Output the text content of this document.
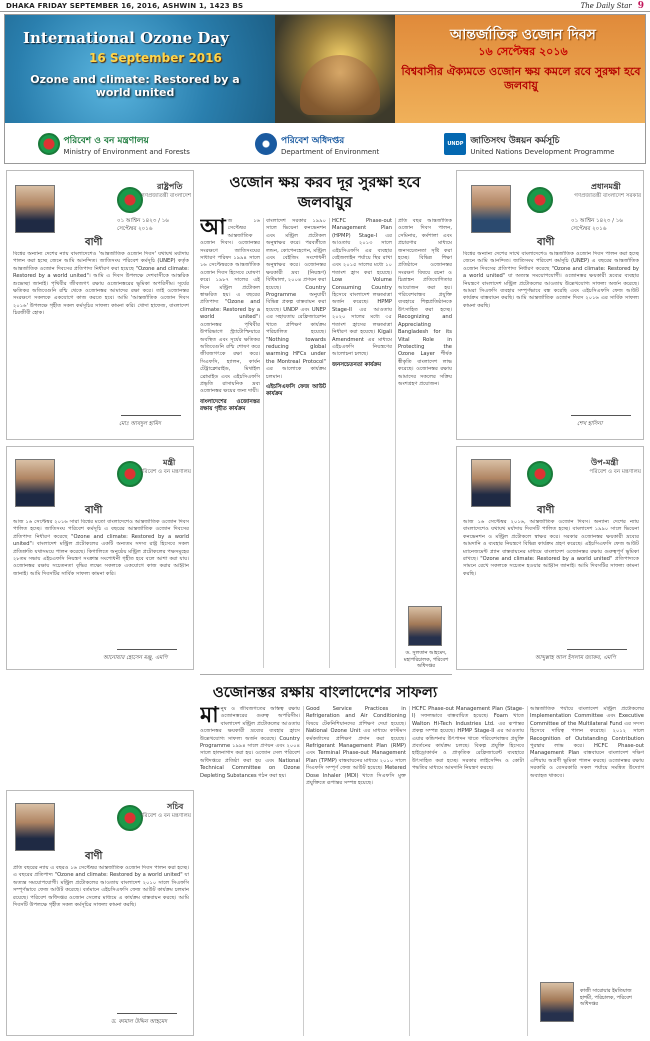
DHAKA FRIDAY SEPTEMBER 16, 2016, ASHWIN 1, 1423 BS	The Daily Star 9
International Ozone Day
16 September 2016
Ozone and climate: Restored by a world united
আন্তর্জাতিক ওজোন দিবস
১৬ সেপ্টেম্বর ২০১৬
বিশ্ববাসীর ঐক্যমতে ওজোন ক্ষয় কমলে রবে সুরক্ষা হবে জলবায়ু
পরিবেশ ও বন মন্ত্রণালয়
Ministry of Environment and Forests
পরিবেশ অধিদপ্তর
Department of Environment
UNDP জাতিসংঘ উন্নয়ন কর্মসূচি
United Nations Development Programme
রাষ্ট্রপতি
গণপ্রজাতন্ত্রী বাংলাদেশ
০১ আশ্বিন ১৪২৩ / ১৬ সেপ্টেম্বর ২০১৬
বাণী
বিশ্বের অন্যান্য দেশের ন্যায় বাংলাদেশেও 'আন্তর্জাতিক ওজোন দিবস' যথাযথ মর্যাদায় পালন করা হচ্ছে জেনে আমি আনন্দিত। জাতিসংঘ পরিবেশ কর্মসূচি (UNEP) কর্তৃক আন্তর্জাতিক ওজোন দিবসের প্রতিপাদ্য নির্ধারণ করা হয়েছে "Ozone and climate: Restored by a world united"। আমি এ দিবস উপলক্ষে দেশবাসীকে আন্তরিক শুভেচ্ছা জানাই। পৃথিবীর জীবজগৎ রক্ষায় ওজোনস্তরের ভূমিকা অপরিসীম। সূর্যের ক্ষতিকর অতিবেগুনি রশ্মি থেকে ওজোনস্তর আমাদের রক্ষা করে। তাই ওজোনস্তর সংরক্ষণে সকলকে একযোগে কাজ করতে হবে। আমি 'আন্তর্জাতিক ওজোন দিবস ২০১৬' উপলক্ষে গৃহীত সকল কর্মসূচির সাফল্য কামনা করি। খোদা হাফেজ, বাংলাদেশ চিরজীবী হোক।
মোঃ আবদুল হামিদ
প্রধানমন্ত্রী
গণপ্রজাতন্ত্রী বাংলাদেশ সরকার
০১ আশ্বিন ১৪২৩ / ১৬ সেপ্টেম্বর ২০১৬
বাণী
বিশ্বের অন্যান্য দেশের সাথে বাংলাদেশেও আন্তর্জাতিক ওজোন দিবস পালন করা হচ্ছে জেনে আমি আনন্দিত। জাতিসংঘ পরিবেশ কর্মসূচি (UNEP) এ বছরের আন্তর্জাতিক ওজোন দিবসের প্রতিপাদ্য নির্ধারণ করেছে "Ozone and climate: Restored by a world united" যা অত্যন্ত সময়োপযোগী। ওজোনস্তর ক্ষয়কারী দ্রব্যের ব্যবহার নিয়ন্ত্রণে বাংলাদেশ মন্ট্রিল প্রটোকলের আওতায় উল্লেখযোগ্য সাফল্য অর্জন করেছে। আমরা সিএফসি ব্যবহার সম্পূর্ণভাবে বন্ধ করেছি এবং এইচসিএফসি ফেজ আউট কার্যক্রম বাস্তবায়ন করছি। আমি আন্তর্জাতিক ওজোন দিবস ২০১৬ এর সার্বিক সাফল্য কামনা করছি।
শেখ হাসিনা
মন্ত্রী
পরিবেশ ও বন মন্ত্রণালয়
বাণী
আজ ১৬ সেপ্টেম্বর ২০১৬ সারা বিশ্বের মতো বাংলাদেশেও আন্তর্জাতিক ওজোন দিবস পালিত হচ্ছে। জাতিসংঘ পরিবেশ কর্মসূচি এ বছরের আন্তর্জাতিক ওজোন দিবসের প্রতিপাদ্য নির্ধারণ করেছে "Ozone and climate: Restored by a world united"। বাংলাদেশ মন্ট্রিল প্রটোকলের একটি অন্যতম সদস্য রাষ্ট্র হিসেবে সকল প্রতিশ্রুতি যথাসময়ে পালন করেছে। কিগালিতে অনুষ্ঠেয় মন্ট্রিল প্রটোকলের পক্ষসমূহের ২৮তম সভায় এইচএফসি নিয়ন্ত্রণ সংক্রান্ত সংশোধনী গৃহীত হবে বলে আশা করা যায়। ওজোনস্তর রক্ষায় সচেতনতা বৃদ্ধির লক্ষ্যে সকলকে একযোগে কাজ করার আহ্বান জানাই। আমি দিবসটির সার্বিক সাফল্য কামনা করি।
আনোয়ার হোসেন মঞ্জু, এমপি
উপ-মন্ত্রী
পরিবেশ ও বন মন্ত্রণালয়
বাণী
আজ ১৬ সেপ্টেম্বর ২০১৬, আন্তর্জাতিক ওজোন দিবস। অন্যান্য দেশের ন্যায় বাংলাদেশেও যথাযথ মর্যাদায় দিবসটি পালিত হচ্ছে। বাংলাদেশ ১৯৯০ সালে ভিয়েনা কনভেনশন ও মন্ট্রিল প্রটোকলে স্বাক্ষর করে। সরকার ওজোনস্তর ক্ষয়কারী দ্রব্যের আমদানি ও ব্যবহার নিয়ন্ত্রণে বিভিন্ন কার্যক্রম গ্রহণ করেছে। এইচসিএফসি ফেজ আউট ম্যানেজমেন্ট প্ল্যান বাস্তবায়নের মাধ্যমে বাংলাদেশ ওজোনস্তর রক্ষায় গুরুত্বপূর্ণ ভূমিকা রাখছে। "Ozone and climate: Restored by a world united" প্রতিপাদ্যকে সামনে রেখে সকলকে সচেতন হওয়ার আহ্বান জানাই। আমি দিবসটির সাফল্য কামনা করছি।
আব্দুল্লাহ আল ইসলাম জ্যাকব, এমপি
সচিব
পরিবেশ ও বন মন্ত্রণালয়
বাণী
প্রতি বছরের ন্যায় এ বছরও ১৬ সেপ্টেম্বর আন্তর্জাতিক ওজোন দিবস পালন করা হচ্ছে। এ বছরের প্রতিপাদ্য "Ozone and climate: Restored by a world united" যা অত্যন্ত সময়োপযোগী। মন্ট্রিল প্রটোকলের আওতায় বাংলাদেশ ২০১০ সালে সিএফসি সম্পূর্ণভাবে ফেজ আউট করেছে। বর্তমানে এইচসিএফসি ফেজ আউট কার্যক্রম চলমান রয়েছে। পরিবেশ অধিদপ্তর ওজোন সেলের মাধ্যমে এ কার্যক্রম বাস্তবায়ন করছে। আমি দিবসটি উপলক্ষে গৃহীত সকল কর্মসূচির সাফল্য কামনা করছি।
ড. কামাল উদ্দিন আহমেদ
ওজোন ক্ষয় করব দূর সুরক্ষা হবে জলবায়ুর
আজ ১৬ সেপ্টেম্বর আন্তর্জাতিক ওজোন দিবস। ওজোনস্তর সংরক্ষণে জাতিসংঘের সাধারণ পরিষদ ১৯৯৪ সালে ১৬ সেপ্টেম্বরকে আন্তর্জাতিক ওজোন দিবস হিসেবে ঘোষণা করে। ১৯৮৭ সালের এই দিনে মন্ট্রিল প্রটোকল স্বাক্ষরিত হয়। এ বছরের প্রতিপাদ্য "Ozone and climate: Restored by a world united"। ওজোনস্তর পৃথিবীর উপরিভাগে স্ট্র্যাটোস্ফিয়ারে অবস্থিত এবং সূর্যের ক্ষতিকর অতিবেগুনি রশ্মি শোষণ করে জীবজগৎকে রক্ষা করে। সিএফসি, হ্যালন, কার্বন টেট্রাক্লোরাইড, মিথাইল ব্রোমাইড এবং এইচসিএফসি প্রভৃতি রাসায়নিক দ্রব্য ওজোনস্তর ক্ষয়ের জন্য দায়ী।
বাংলাদেশের ওজোনস্তর রক্ষায় গৃহীত কার্যক্রম
বাংলাদেশ সরকার ১৯৯০ সালে ভিয়েনা কনভেনশন এবং মন্ট্রিল প্রটোকল অনুস্বাক্ষর করে। পরবর্তীতে লন্ডন, কোপেনহেগেন, মন্ট্রিল এবং বেইজিং সংশোধনী অনুস্বাক্ষর করে। ওজোনস্তর ক্ষয়কারী দ্রব্য (নিয়ন্ত্রণ) বিধিমালা, ২০০৪ প্রণয়ন করা হয়েছে। Country Programme অনুযায়ী বিভিন্ন প্রকল্প বাস্তবায়ন করা হয়েছে। UNDP এবং UNEP এর সহায়তায় রেফ্রিজারেশন খাতে প্রশিক্ষণ কার্যক্রম পরিচালিত হয়েছে। "Nothing towards reducing global warming HFCs under the Montreal Protocol" এর আলোকে কার্যক্রম চলমান।
এইচসিএফসি ফেজ আউট কার্যক্রম
HCFC Phase-out Management Plan (HPMP) Stage-I এর আওতায় ২০১৩ সালে এইচসিএফসি এর ব্যবহার বেইজলাইন পর্যায়ে স্থির রাখা এবং ২০১৫ সালের মধ্যে ১০ শতাংশ হ্রাস করা হয়েছে। Low Volume Consuming Country হিসেবে বাংলাদেশ লক্ষ্যমাত্রা অর্জন করেছে। HPMP Stage-II এর আওতায় ২০২০ সালের মধ্যে ৩৫ শতাংশ হ্রাসের লক্ষ্যমাত্রা নির্ধারণ করা হয়েছে। Kigali Amendment এর মাধ্যমে এইচএফসি নিয়ন্ত্রণের আলোচনা চলছে।
জনসচেতনতা কার্যক্রম
প্রতি বছর আন্তর্জাতিক ওজোন দিবস পালন, সেমিনার, কর্মশালা এবং প্রচারণার মাধ্যমে জনসচেতনতা সৃষ্টি করা হচ্ছে। বিভিন্ন শিক্ষা প্রতিষ্ঠানে ওজোনস্তর সংরক্ষণ বিষয়ে রচনা ও চিত্রাঙ্কন প্রতিযোগিতার আয়োজন করা হয়। পরিবেশবান্ধব প্রযুক্তি ব্যবহারে শিল্পপ্রতিষ্ঠানকে উৎসাহিত করা হচ্ছে। Recognizing and Appreciating Bangladesh for its Vital Role in Protecting the Ozone Layer শীর্ষক স্বীকৃতি বাংলাদেশ লাভ করেছে। ওজোনস্তর রক্ষায় আমাদের সকলের সক্রিয় অংশগ্রহণ প্রয়োজন।
ড. সুলতান আহমেদ, মহাপরিচালক, পরিবেশ অধিদপ্তর
ওজোনস্তর রক্ষায় বাংলাদেশের সাফল্য
মানুষ ও জীবজগতের অস্তিত্ব রক্ষায় ওজোনস্তরের গুরুত্ব অপরিসীম। বাংলাদেশ মন্ট্রিল প্রটোকলের আওতায় ওজোনস্তর ক্ষয়কারী দ্রব্যের ব্যবহার হ্রাসে উল্লেখযোগ্য সাফল্য অর্জন করেছে। Country Programme ১৯৯৪ সালে প্রণয়ন এবং ২০০৪ সালে হালনাগাদ করা হয়। ওজোন সেল পরিবেশ অধিদপ্তরে প্রতিষ্ঠা করা হয় এবং National Technical Committee on Ozone Depleting Substances গঠন করা হয়।
Good Service Practices in Refrigeration and Air Conditioning বিষয়ে টেকনিশিয়ানদের প্রশিক্ষণ দেয়া হয়েছে। National Ozone Unit এর মাধ্যমে কাস্টমস কর্মকর্তাদের প্রশিক্ষণ প্রদান করা হয়েছে। Refrigerant Management Plan (RMP) এবং Terminal Phase-out Management Plan (TPMP) বাস্তবায়নের মাধ্যমে ২০১০ সালে সিএফসি সম্পূর্ণ ফেজ আউট হয়েছে। Metered Dose Inhaler (MDI) খাতে সিএফসি মুক্ত প্রযুক্তিতে রূপান্তর সম্পন্ন হয়েছে।
HCFC Phase-out Management Plan (Stage-I) সফলভাবে বাস্তবায়িত হয়েছে। Foam খাতে Walton Hi-Tech Industries Ltd. এর রূপান্তর প্রকল্প সম্পন্ন হয়েছে। HPMP Stage-II এর আওতায় এয়ার কন্ডিশনার উৎপাদন খাতে পরিবেশবান্ধব প্রযুক্তি প্রবর্তনের কার্যক্রম চলছে। বিকল্প প্রযুক্তি হিসেবে হাইড্রোকার্বন ও প্রাকৃতিক রেফ্রিজারেন্ট ব্যবহারে উৎসাহিত করা হচ্ছে। সরকার লাইসেন্সিং ও কোটা পদ্ধতির মাধ্যমে আমদানি নিয়ন্ত্রণ করছে।
আন্তর্জাতিক পর্যায়ে বাংলাদেশ মন্ট্রিল প্রটোকলের Implementation Committee এবং Executive Committee of the Multilateral Fund এর সদস্য হিসেবে দায়িত্ব পালন করেছে। ২০১২ সালে Recognition of Outstanding Contribution পুরস্কার লাভ করে। HCFC Phase-out Management Plan বাস্তবায়নে বাংলাদেশ দক্ষিণ এশিয়ায় অগ্রণী ভূমিকা পালন করছে। ওজোনস্তর রক্ষায় সরকারি ও বেসরকারি সকল পর্যায়ে সমন্বিত উদ্যোগ অব্যাহত থাকবে।
কাজী সারোয়ার ইমতিয়াজ হাশমী, পরিচালক, পরিবেশ অধিদপ্তর
